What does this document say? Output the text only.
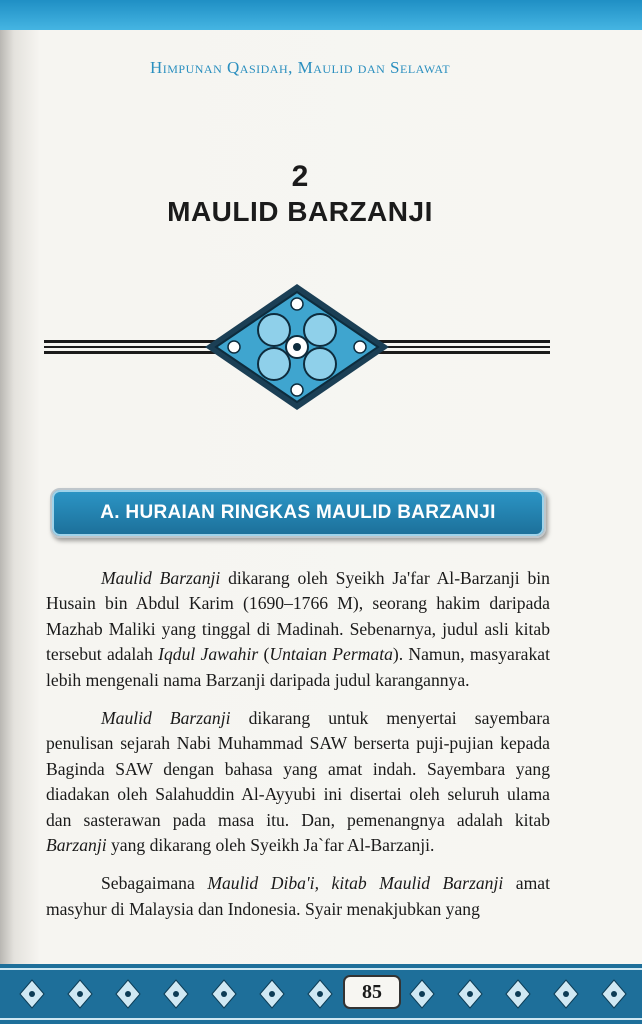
Himpunan Qasidah, Maulid dan Selawat
2
MAULID BARZANJI
A. HURAIAN RINGKAS MAULID BARZANJI

Maulid Barzanji dikarang oleh Syeikh Ja'far Al-Barzanji bin Husain bin Abdul Karim (1690–1766 M), seorang hakim daripada Mazhab Maliki yang tinggal di Madinah. Sebenarnya, judul asli kitab tersebut adalah Iqdul Jawahir (Untaian Permata). Namun, masyarakat lebih mengenali nama Barzanji daripada judul karangannya.

Maulid Barzanji dikarang untuk menyertai sayembara penulisan sejarah Nabi Muhammad SAW berserta puji-pujian kepada Baginda SAW dengan bahasa yang amat indah. Sayembara yang diadakan oleh Salahuddin Al-Ayyubi ini disertai oleh seluruh ulama dan sasterawan pada masa itu. Dan, pemenangnya adalah kitab Barzanji yang dikarang oleh Syeikh Ja`far Al-Barzanji.

Sebagaimana Maulid Diba'i, kitab Maulid Barzanji amat masyhur di Malaysia dan Indonesia. Syair menakjubkan yang

85
